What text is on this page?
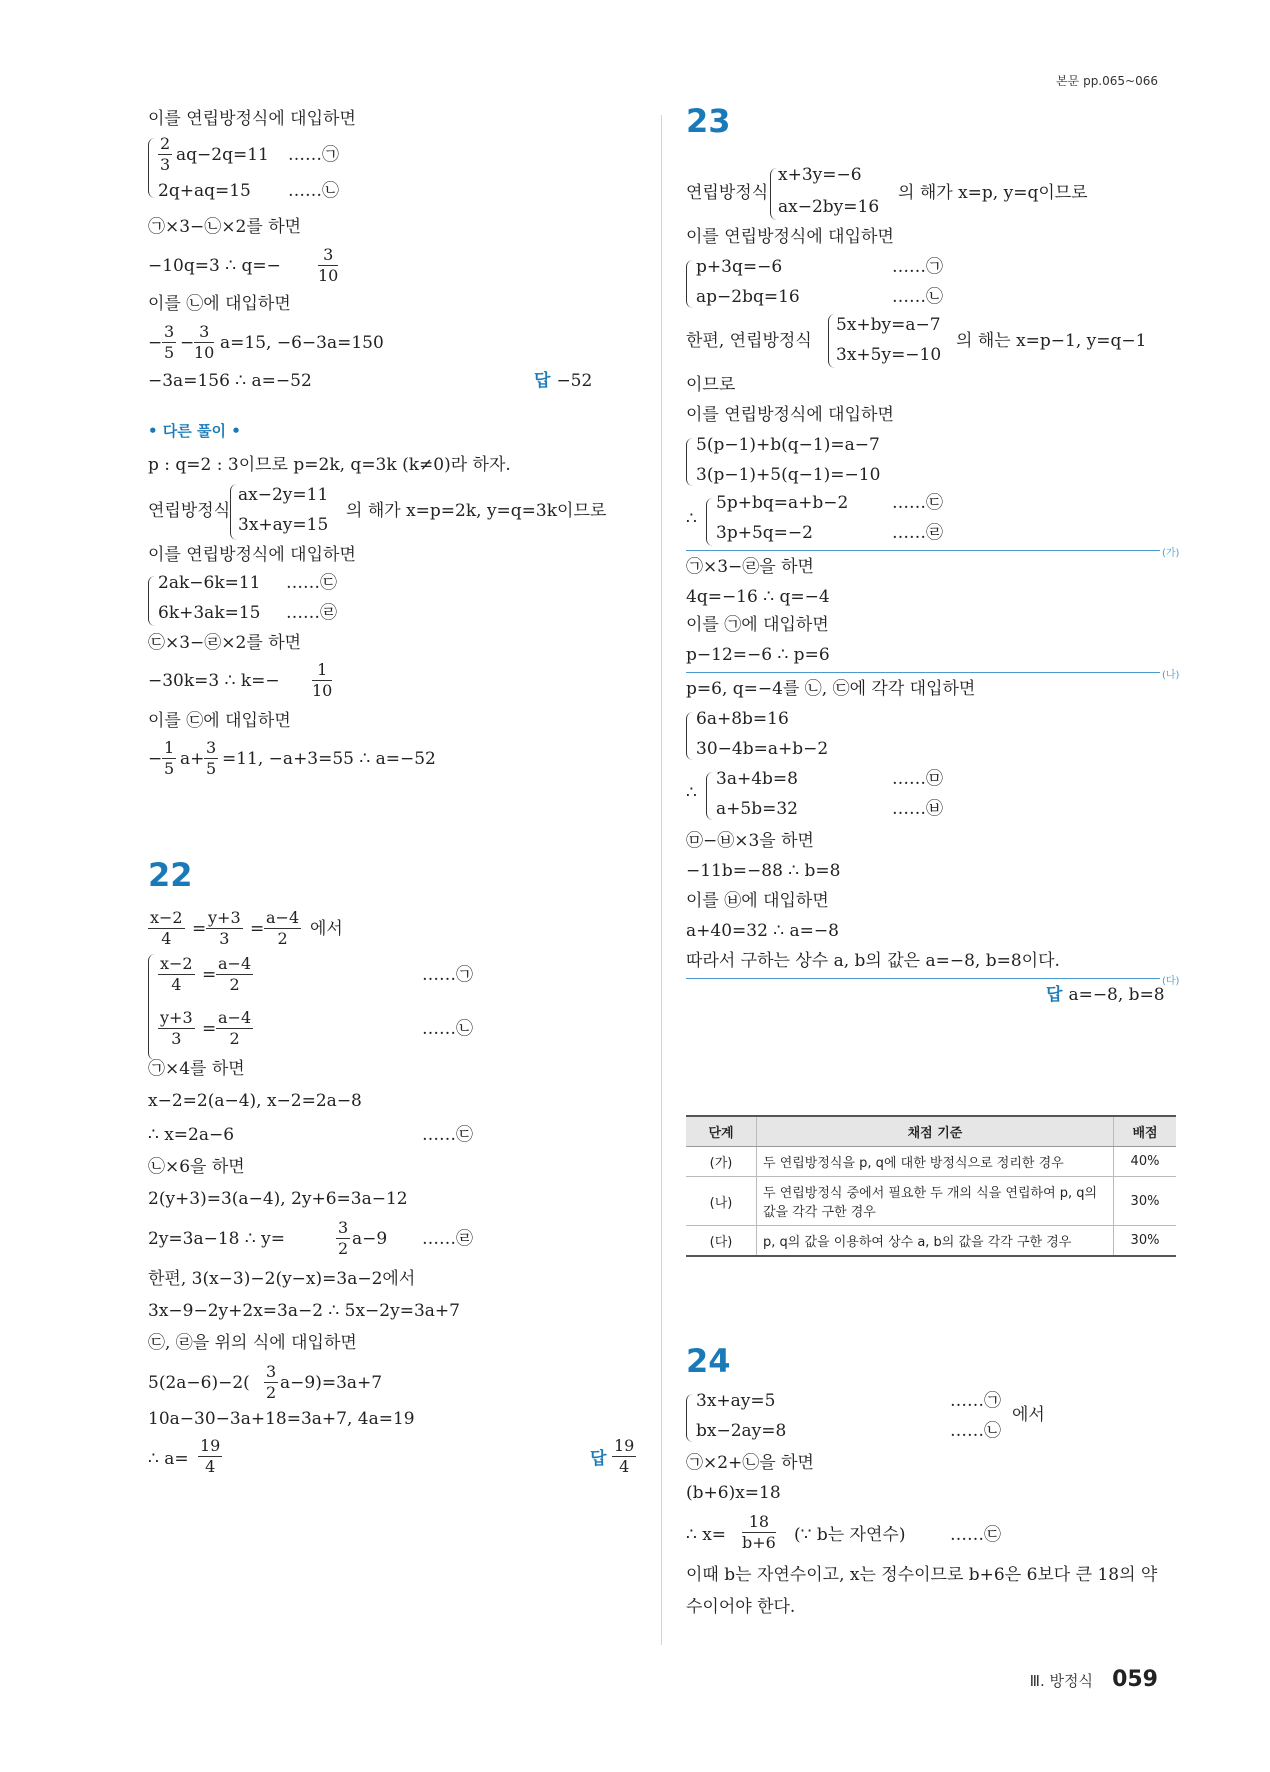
본문 pp.065~066
이를 연립방정식에 대입하면
2
3 aq−2q=11
2q+aq=15
……㉠
……㉡
㉠×3−㉡×2를 하면
−10q=3 ∴ q=−
3
10
이를 ㉡에 대입하면
−
3
5 −
3
10 a=15, −6−3a=150
−3a=156 ∴ a=−52	답 −52
• 다른 풀이 •
p : q=2 : 3이므로 p=2k, q=3k (k≠0)라 하자.
연립방정식
ax−2y=11
3x+ay=15
의 해가 x=p=2k, y=q=3k이므로
이를 연립방정식에 대입하면
2ak−6k=11
6k+3ak=15
……㉢
……㉣
㉢×3−㉣×2를 하면
−30k=3 ∴ k=−
1
10
이를 ㉢에 대입하면
−
1
5 a+
3
5 =11, −a+3=55 ∴ a=−52
22
x−2
4	=
y+3
3	=
a−4
2	에서
x−2
4	=
a−4
2	……㉠
y+3
3	=
a−4
2	……㉡
㉠×4를 하면
x−2=2(a−4), x−2=2a−8
∴ x=2a−6	……㉢
㉡×6을 하면
2(y+3)=3(a−4), 2y+6=3a−12
2y=3a−18 ∴ y=
3
2 a−9 ……㉣
한편, 3(x−3)−2(y−x)=3a−2에서
3x−9−2y+2x=3a−2 ∴ 5x−2y=3a+7
㉢, ㉣을 위의 식에 대입하면
5(2a−6)−2(
3
2 a−9)=3a+7
10a−30−3a+18=3a+7, 4a=19
∴ a=
19
4	답
19
4
23
연립방정식
x+3y=−6
ax−2by=16
의 해가 x=p, y=q이므로
이를 연립방정식에 대입하면
p+3q=−6
ap−2bq=16
……㉠
……㉡
한편, 연립방정식
5x+by=a−7
3x+5y=−10
의 해는 x=p−1, y=q−1
이므로
이를 연립방정식에 대입하면
5(p−1)+b(q−1)=a−7
3(p−1)+5(q−1)=−10
∴
5p+bq=a+b−2
3p+5q=−2
……㉢
……㉣
(가)
㉠×3−㉣을 하면
4q=−16 ∴ q=−4
이를 ㉠에 대입하면
p−12=−6 ∴ p=6
(나)
p=6, q=−4를 ㉡, ㉢에 각각 대입하면
6a+8b=16
30−4b=a+b−2
∴
3a+4b=8
a+5b=32
……㉤
……㉥
㉤−㉥×3을 하면
−11b=−88 ∴ b=8
이를 ㉥에 대입하면
a+40=32 ∴ a=−8
따라서 구하는 상수 a, b의 값은 a=−8, b=8이다.
(다)
답 a=−8, b=8
24
3x+ay=5
bx−2ay=8
……㉠
……㉡
에서
㉠×2+㉡을 하면
(b+6)x=18
∴ x=
18
b+6 (∵ b는 자연수)	……㉢
이때 b는 자연수이고, x는 정수이므로 b+6은 6보다 큰 18의 약
수이어야 한다.
단계	채점 기준	배점
(가)	두 연립방정식을 p, q에 대한 방정식으로 정리한 경우	40%
(나)	두 연립방정식 중에서 필요한 두 개의 식을 연립하여 p, q의 값을 각각 구한 경우	30%
(다)	p, q의 값을 이용하여 상수 a, b의 값을 각각 구한 경우	30%
Ⅲ. 방정식 059
